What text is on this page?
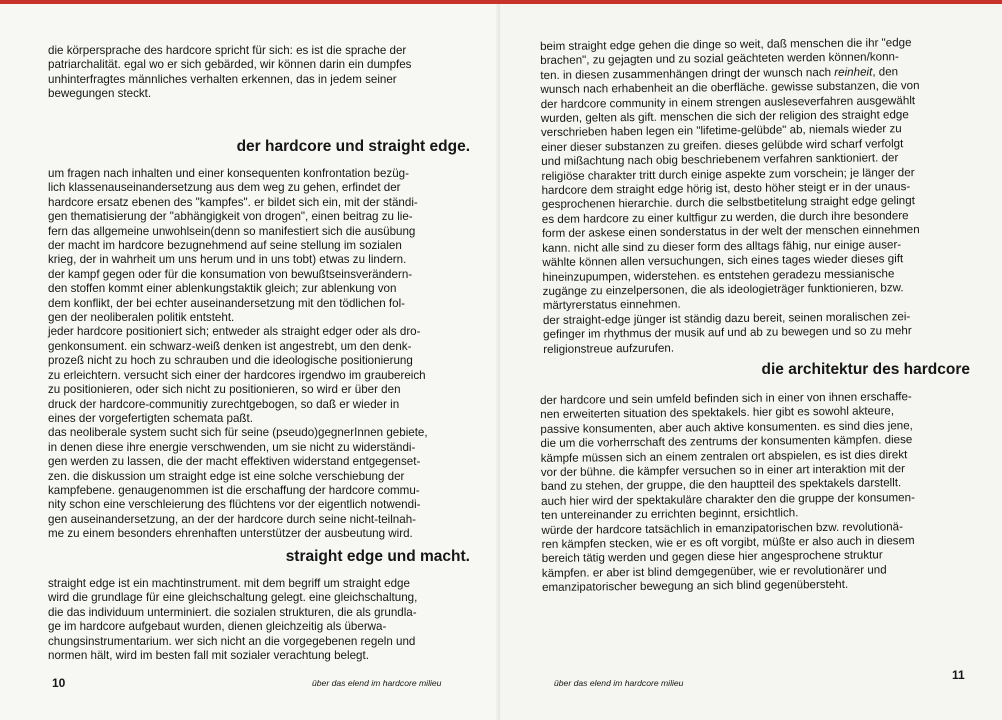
die körpersprache des hardcore spricht für sich: es ist die sprache der
patriarchalität. egal wo er sich gebärded, wir können darin ein dumpfes
unhinterfragtes männliches verhalten erkennen, das in jedem seiner
bewegungen steckt.

der hardcore und straight edge.

um fragen nach inhalten und einer konsequenten konfrontation bezüg-
lich klassenauseinandersetzung aus dem weg zu gehen, erfindet der
hardcore ersatz ebenen des "kampfes". er bildet sich ein, mit der ständi-
gen thematisierung der "abhängigkeit von drogen", einen beitrag zu lie-
fern das allgemeine unwohlsein(denn so manifestiert sich die ausübung
der macht im hardcore bezugnehmend auf seine stellung im sozialen
krieg, der in wahrheit um uns herum und in uns tobt) etwas zu lindern.
der kampf gegen oder für die konsumation von bewußtseinsverändern-
den stoffen kommt einer ablenkungstaktik gleich; zur ablenkung von
dem konflikt, der bei echter auseinandersetzung mit den tödlichen fol-
gen der neoliberalen politik entsteht.
jeder hardcore positioniert sich; entweder als straight edger oder als dro-
genkonsument. ein schwarz-weiß denken ist angestrebt, um den denk-
prozeß nicht zu hoch zu schrauben und die ideologische positionierung
zu erleichtern. versucht sich einer der hardcores irgendwo im graubereich
zu positionieren, oder sich nicht zu positionieren, so wird er über den
druck der hardcore-communitiy zurechtgebogen, so daß er wieder in
eines der vorgefertigten schemata paßt.
das neoliberale system sucht sich für seine (pseudo)gegnerInnen gebiete,
in denen diese ihre energie verschwenden, um sie nicht zu widerständi-
gen werden zu lassen, die der macht effektiven widerstand entgegenset-
zen. die diskussion um straight edge ist eine solche verschiebung der
kampfebene. genaugenommen ist die erschaffung der hardcore commu-
nity schon eine verschleierung des flüchtens vor der eigentlich notwendi-
gen auseinandersetzung, an der der hardcore durch seine nicht-teilnah-
me zu einem besonders ehrenhaften unterstützer der ausbeutung wird.

straight edge und macht.

straight edge ist ein machtinstrument. mit dem begriff um straight edge
wird die grundlage für eine gleichschaltung gelegt. eine gleichschaltung,
die das individuum unterminiert. die sozialen strukturen, die als grundla-
ge im hardcore aufgebaut wurden, dienen gleichzeitig als überwa-
chungsinstrumentarium. wer sich nicht an die vorgegebenen regeln und
normen hält, wird im besten fall mit sozialer verachtung belegt.

10	über das elend im hardcore milieu

beim straight edge gehen die dinge so weit, daß menschen die ihr "edge
brachen", zu gejagten und zu sozial geächteten werden können/konn-
ten. in diesen zusammenhängen dringt der wunsch nach reinheit, den
wunsch nach erhabenheit an die oberfläche. gewisse substanzen, die von
der hardcore community in einem strengen ausleseverfahren ausgewählt
wurden, gelten als gift. menschen die sich der religion des straight edge
verschrieben haben legen ein "lifetime-gelübde" ab, niemals wieder zu
einer dieser substanzen zu greifen. dieses gelübde wird scharf verfolgt
und mißachtung nach obig beschriebenem verfahren sanktioniert. der
religiöse charakter tritt durch einige aspekte zum vorschein; je länger der
hardcore dem straight edge hörig ist, desto höher steigt er in der unaus-
gesprochenen hierarchie. durch die selbstbetitelung straight edge gelingt
es dem hardcore zu einer kultfigur zu werden, die durch ihre besondere
form der askese einen sonderstatus in der welt der menschen einnehmen
kann. nicht alle sind zu dieser form des alltags fähig, nur einige auser-
wählte können allen versuchungen, sich eines tages wieder dieses gift
hineinzupumpen, widerstehen. es entstehen geradezu messianische
zugänge zu einzelpersonen, die als ideologieträger funktionieren, bzw.
märtyrerstatus einnehmen.
der straight-edge jünger ist ständig dazu bereit, seinen moralischen zei-
gefinger im rhythmus der musik auf und ab zu bewegen und so zu mehr
religionstreue aufzurufen.

die architektur des hardcore

der hardcore und sein umfeld befinden sich in einer von ihnen erschaffe-
nen erweiterten situation des spektakels. hier gibt es sowohl akteure,
passive konsumenten, aber auch aktive konsumenten. es sind dies jene,
die um die vorherrschaft des zentrums der konsumenten kämpfen. diese
kämpfe müssen sich an einem zentralen ort abspielen, es ist dies direkt
vor der bühne. die kämpfer versuchen so in einer art interaktion mit der
band zu stehen, der gruppe, die den hauptteil des spektakels darstellt.
auch hier wird der spektakuläre charakter den die gruppe der konsumen-
ten untereinander zu errichten beginnt, ersichtlich.
würde der hardcore tatsächlich in emanzipatorischen bzw. revolutionä-
ren kämpfen stecken, wie er es oft vorgibt, müßte er also auch in diesem
bereich tätig werden und gegen diese hier angesprochene struktur
kämpfen. er aber ist blind demgegenüber, wie er revolutionärer und
emanzipatorischer bewegung an sich blind gegenübersteht.

über das elend im hardcore milieu
11
